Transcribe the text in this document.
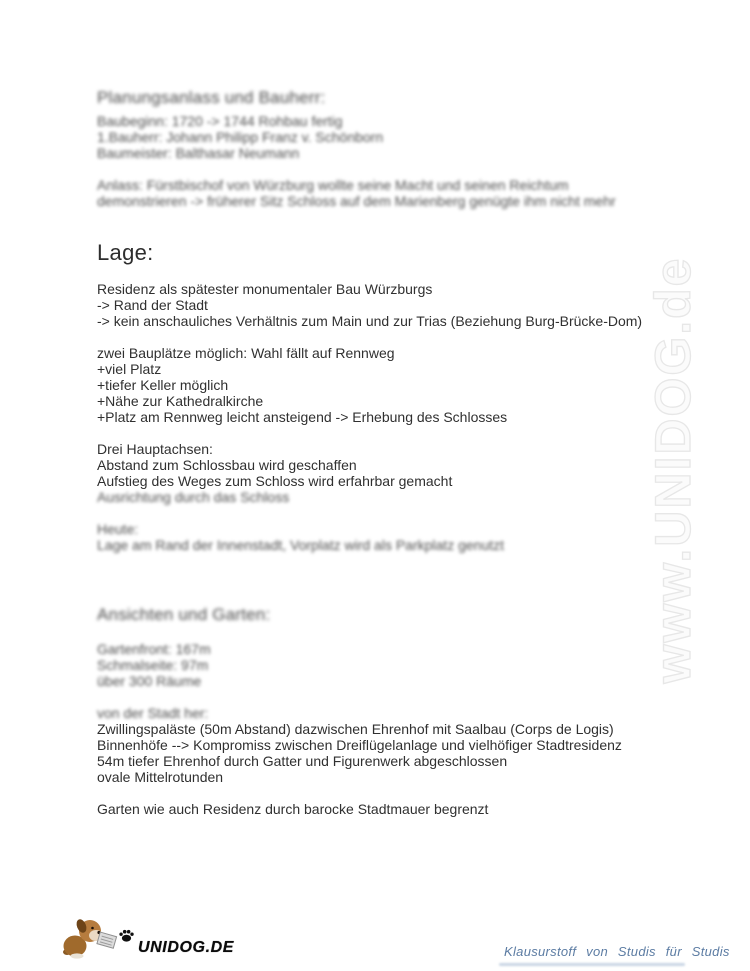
www.UNIDOG.de
Planungsanlass und Bauherr:
Baubeginn: 1720 -> 1744 Rohbau fertig
1.Bauherr: Johann Philipp Franz v. Schönborn
Baumeister: Balthasar Neumann
Anlass: Fürstbischof von Würzburg wollte seine Macht und seinen Reichtum
demonstrieren -> früherer Sitz Schloss auf dem Marienberg genügte ihm nicht mehr
Lage:
Residenz als spätester monumentaler Bau Würzburgs
-> Rand der Stadt
-> kein anschauliches Verhältnis zum Main und zur Trias (Beziehung Burg-Brücke-Dom)
zwei Bauplätze möglich: Wahl fällt auf Rennweg
+viel Platz
+tiefer Keller möglich
+Nähe zur Kathedralkirche
+Platz am Rennweg leicht ansteigend -> Erhebung des Schlosses
Drei Hauptachsen:
Abstand zum Schlossbau wird geschaffen
Aufstieg des Weges zum Schloss wird erfahrbar gemacht
Ausrichtung durch das Schloss
Heute:
Lage am Rand der Innenstadt, Vorplatz wird als Parkplatz genutzt
Ansichten und Garten:
Gartenfront: 167m
Schmalseite: 97m
über 300 Räume
von der Stadt her:
Zwillingspaläste (50m Abstand) dazwischen Ehrenhof mit Saalbau (Corps de Logis)
Binnenhöfe --> Kompromiss zwischen Dreiflügelanlage und vielhöfiger Stadtresidenz
54m tiefer Ehrenhof durch Gatter und Figurenwerk abgeschlossen
ovale Mittelrotunden
Garten wie auch Residenz durch barocke Stadtmauer begrenzt
UNIDOG.DE	Klausurstoff von Studis für Studis
